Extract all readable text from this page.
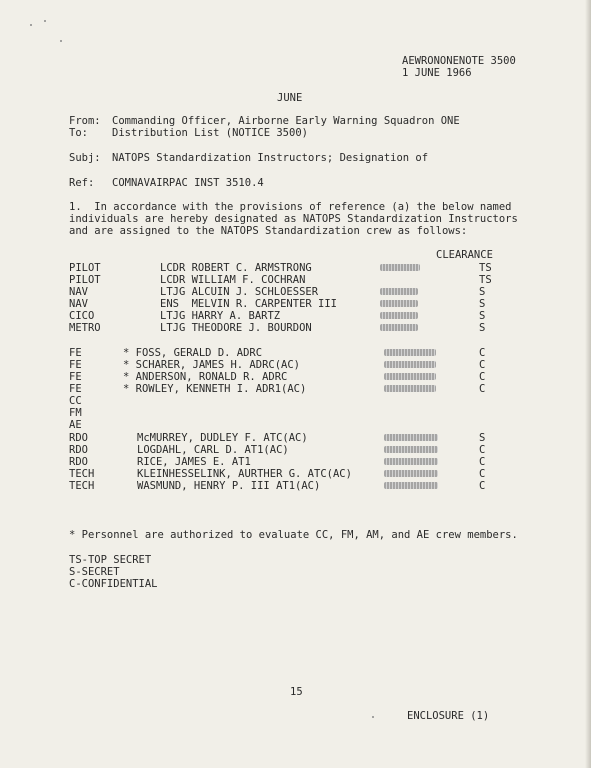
AEWRONONENOTE 3500
1 JUNE 1966
JUNE
From: Commanding Officer, Airborne Early Warning Squadron ONE
To: Distribution List (NOTICE 3500)
Subj: NATOPS Standardization Instructors; Designation of
Ref: COMNAVAIRPAC INST 3510.4
1.  In accordance with the provisions of reference (a) the below named
individuals are hereby designated as NATOPS Standardization Instructors
and are assigned to the NATOPS Standardization crew as follows:
CLEARANCE
PILOT	LCDR ROBERT C. ARMSTRONG	TS
PILOT	LCDR WILLIAM F. COCHRAN	TS
NAV	LTJG ALCUIN J. SCHLOESSER	S
NAV	ENS  MELVIN R. CARPENTER III	S
CICO	LTJG HARRY A. BARTZ	S
METRO	LTJG THEODORE J. BOURDON	S
FE	* FOSS, GERALD D. ADRC	C
FE	* SCHARER, JAMES H. ADRC(AC)	C
FE	* ANDERSON, RONALD R. ADRC	C
FE	* ROWLEY, KENNETH I. ADR1(AC)	C
CC
FM
AE
RDO	McMURREY, DUDLEY F. ATC(AC)	S
RDO	LOGDAHL, CARL D. AT1(AC)	C
RDO	RICE, JAMES E. AT1	C
TECH	KLEINHESSELINK, AURTHER G. ATC(AC)	C
TECH	WASMUND, HENRY P. III AT1(AC)	C
* Personnel are authorized to evaluate CC, FM, AM, and AE crew members.
TS-TOP SECRET
S-SECRET
C-CONFIDENTIAL
15
ENCLOSURE (1)
